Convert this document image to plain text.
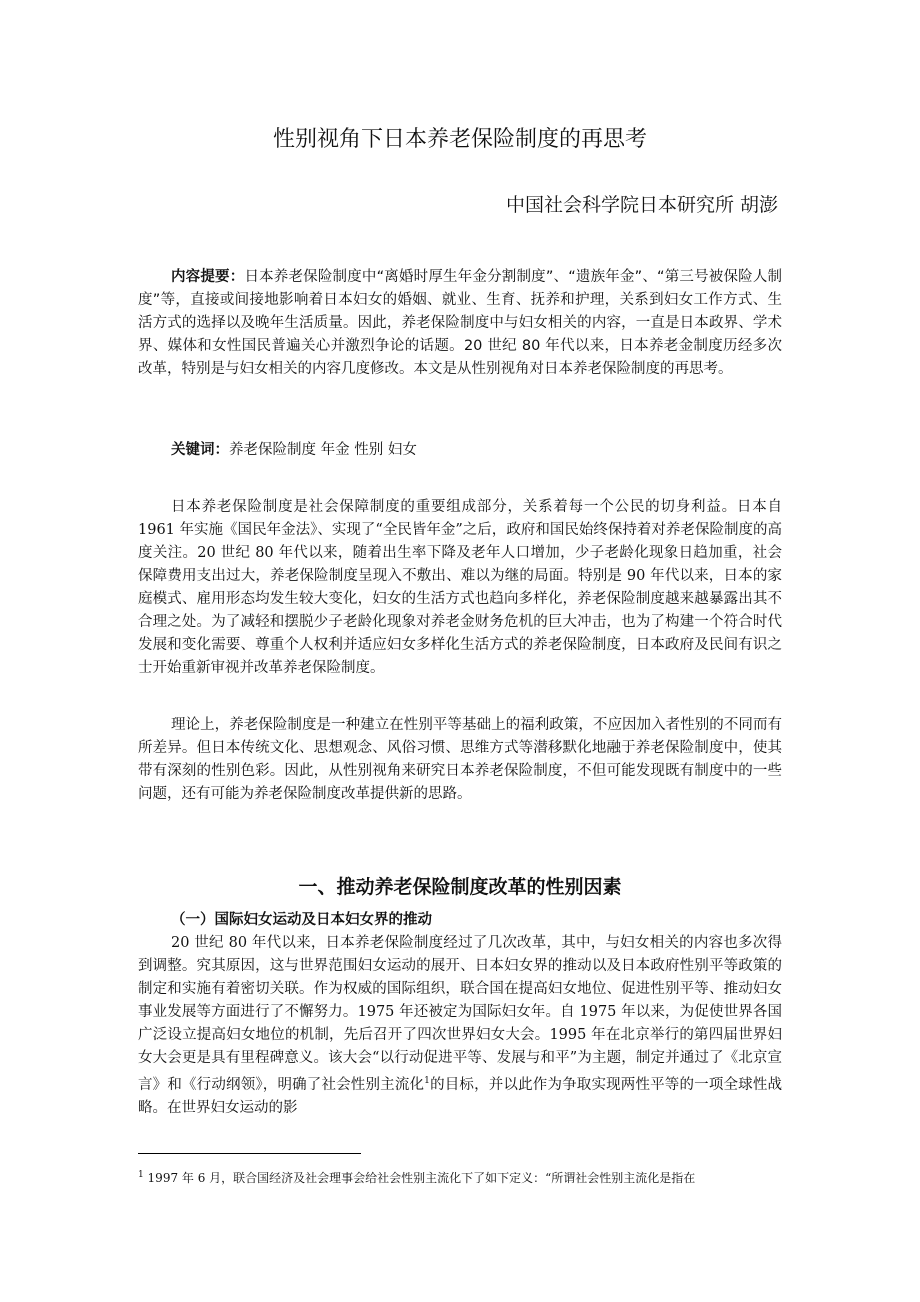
性别视角下日本养老保险制度的再思考
中国社会科学院日本研究所 胡澎
内容提要：日本养老保险制度中“离婚时厚生年金分割制度”、“遗族年金”、“第三号被保险人制度”等，直接或间接地影响着日本妇女的婚姻、就业、生育、抚养和护理，关系到妇女工作方式、生活方式的选择以及晚年生活质量。因此，养老保险制度中与妇女相关的内容，一直是日本政界、学术界、媒体和女性国民普遍关心并激烈争论的话题。20 世纪 80 年代以来，日本养老金制度历经多次改革，特别是与妇女相关的内容几度修改。本文是从性别视角对日本养老保险制度的再思考。
关键词：养老保险制度 年金 性别 妇女
日本养老保险制度是社会保障制度的重要组成部分，关系着每一个公民的切身利益。日本自 1961 年实施《国民年金法》、实现了“全民皆年金”之后，政府和国民始终保持着对养老保险制度的高度关注。20 世纪 80 年代以来，随着出生率下降及老年人口增加，少子老龄化现象日趋加重，社会保障费用支出过大，养老保险制度呈现入不敷出、难以为继的局面。特别是 90 年代以来，日本的家庭模式、雇用形态均发生较大变化，妇女的生活方式也趋向多样化，养老保险制度越来越暴露出其不合理之处。为了减轻和摆脱少子老龄化现象对养老金财务危机的巨大冲击，也为了构建一个符合时代发展和变化需要、尊重个人权利并适应妇女多样化生活方式的养老保险制度，日本政府及民间有识之士开始重新审视并改革养老保险制度。
理论上，养老保险制度是一种建立在性别平等基础上的福利政策，不应因加入者性别的不同而有所差异。但日本传统文化、思想观念、风俗习惯、思维方式等潜移默化地融于养老保险制度中，使其带有深刻的性别色彩。因此，从性别视角来研究日本养老保险制度，不但可能发现既有制度中的一些问题，还有可能为养老保险制度改革提供新的思路。
一、推动养老保险制度改革的性别因素
（一）国际妇女运动及日本妇女界的推动
20 世纪 80 年代以来，日本养老保险制度经过了几次改革，其中，与妇女相关的内容也多次得到调整。究其原因，这与世界范围妇女运动的展开、日本妇女界的推动以及日本政府性别平等政策的制定和实施有着密切关联。作为权威的国际组织，联合国在提高妇女地位、促进性别平等、推动妇女事业发展等方面进行了不懈努力。1975 年还被定为国际妇女年。自 1975 年以来，为促使世界各国广泛设立提高妇女地位的机制，先后召开了四次世界妇女大会。1995 年在北京举行的第四届世界妇女大会更是具有里程碑意义。该大会“以行动促进平等、发展与和平”为主题，制定并通过了《北京宣言》和《行动纲领》，明确了社会性别主流化$^1$的目标，并以此作为争取实现两性平等的一项全球性战略。在世界妇女运动的影
$^1$ 1997 年 6 月，联合国经济及社会理事会给社会性别主流化下了如下定义：“所谓社会性别主流化是指在
